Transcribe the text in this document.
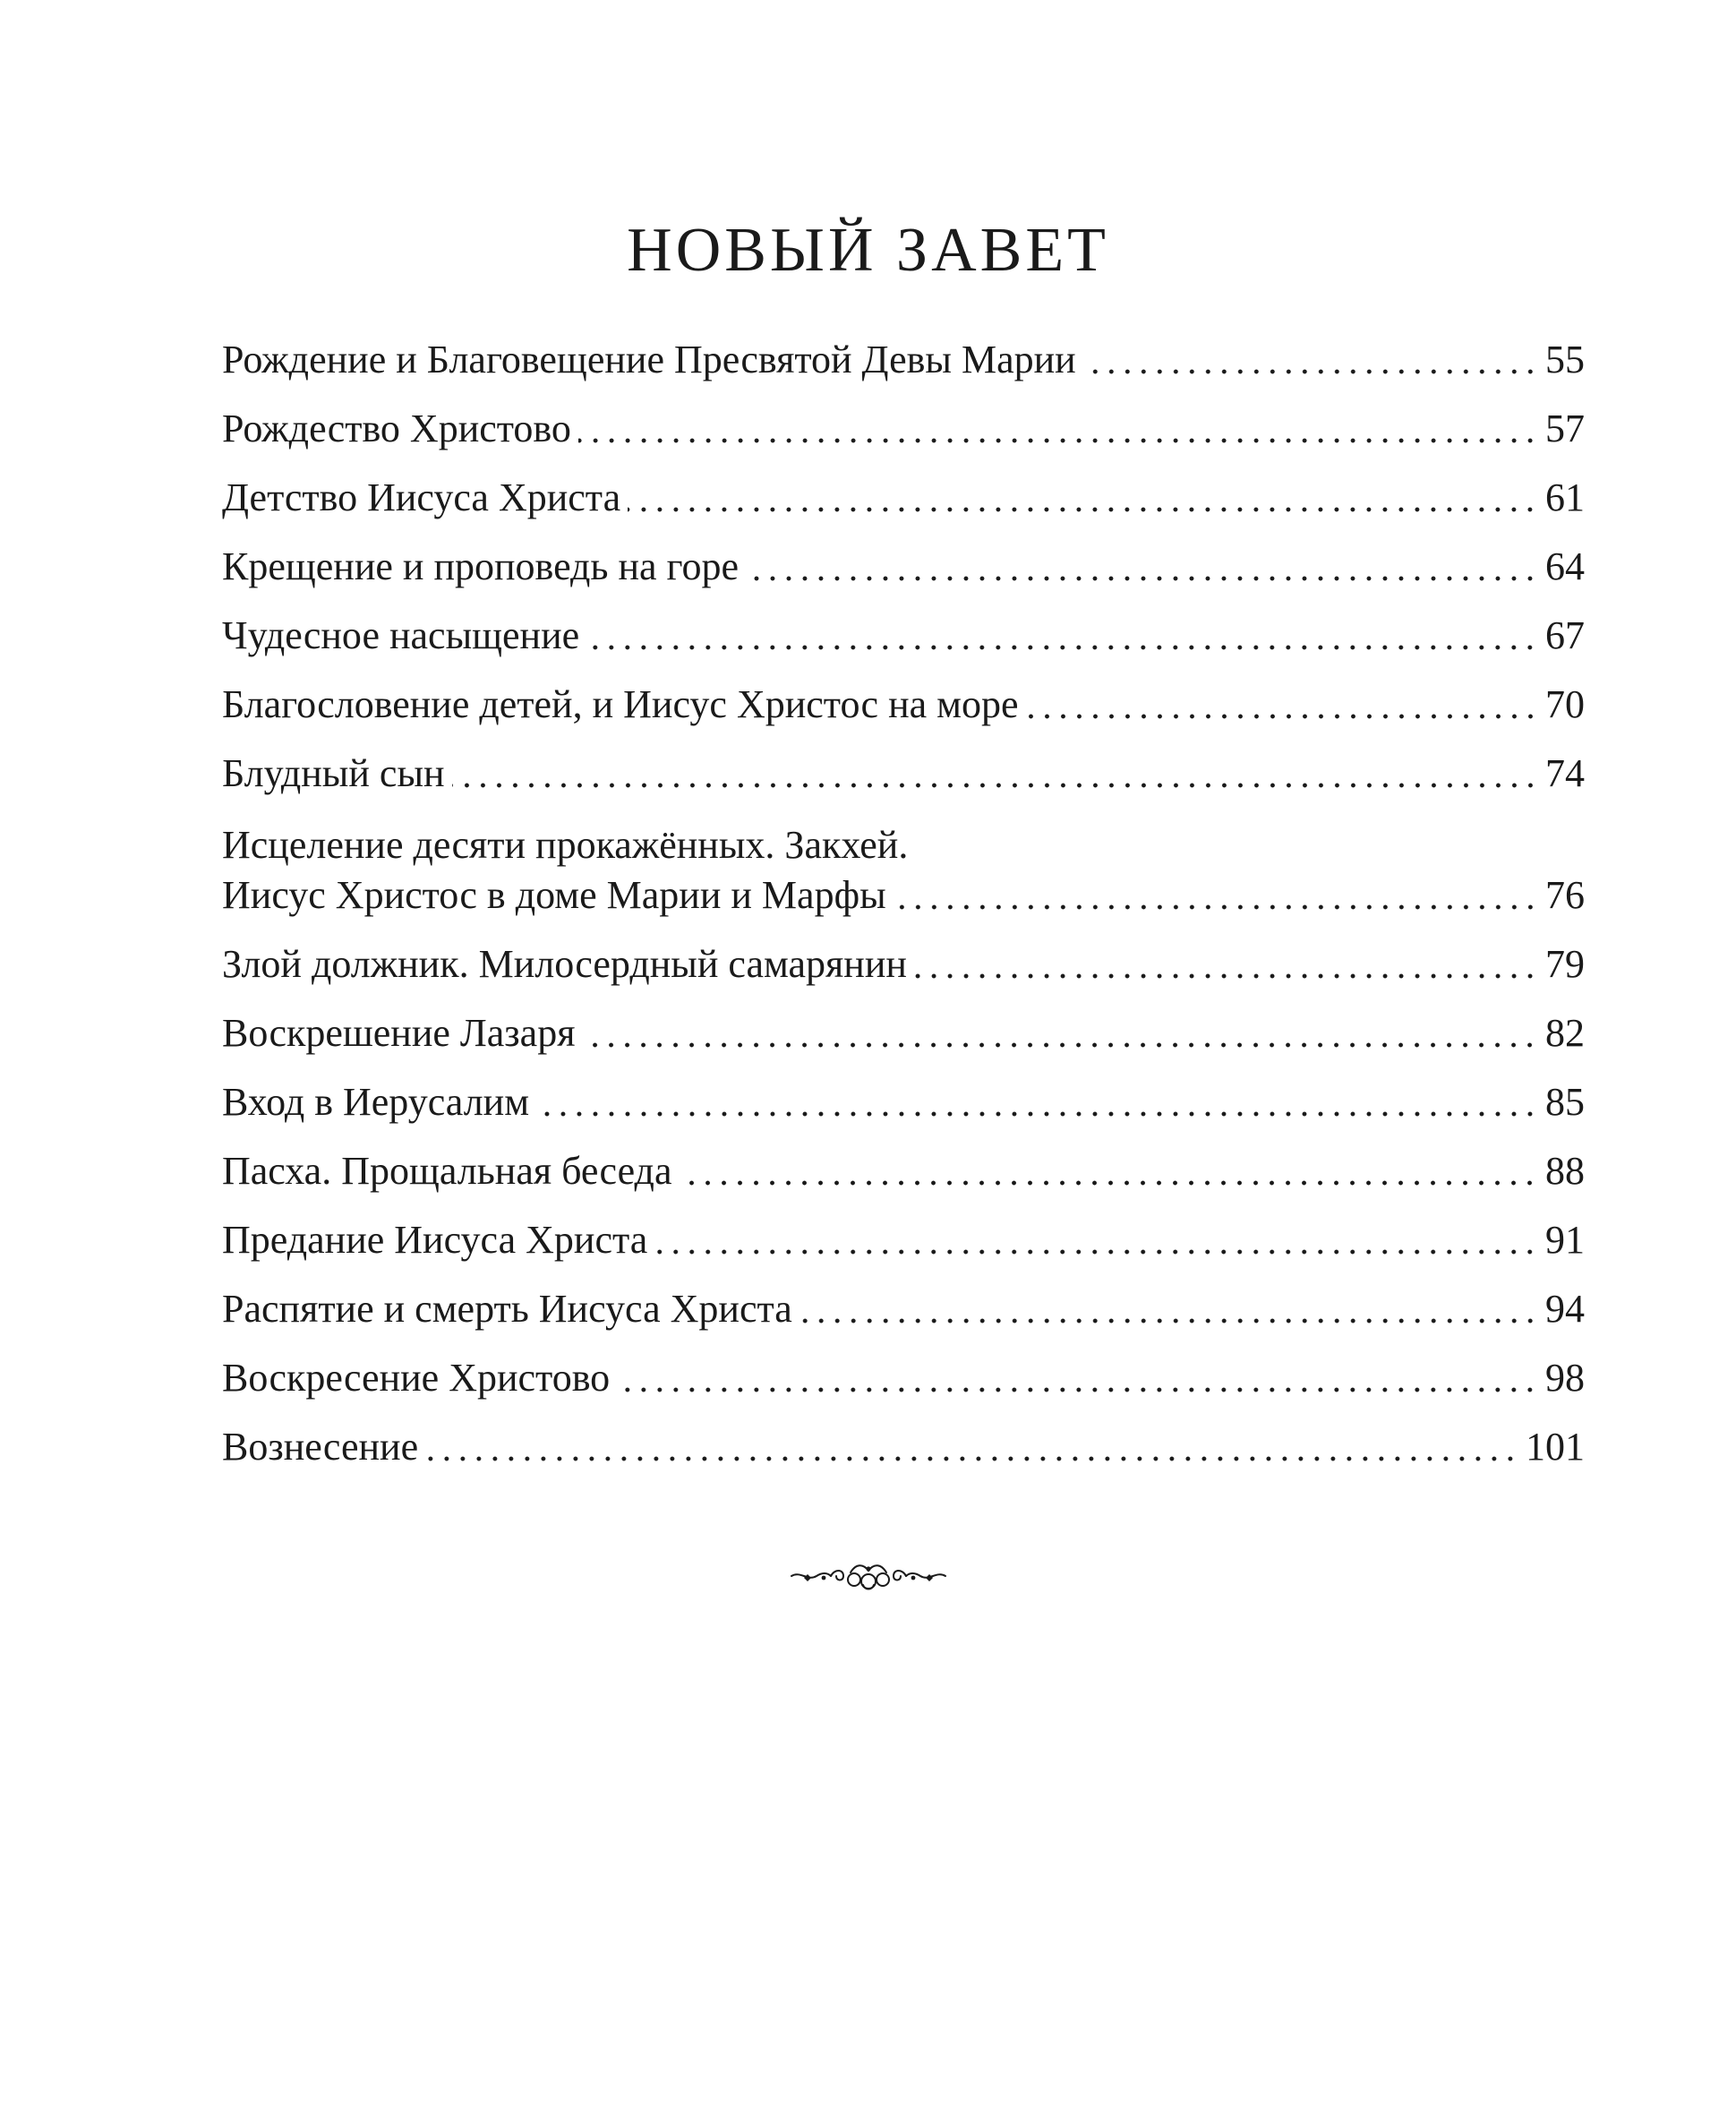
НОВЫЙ ЗАВЕТ
Рождение и Благовещение Пресвятой Девы Марии	55
Рождество Христово	57
Детство Иисуса Христа	61
Крещение и проповедь на горе	64
Чудесное насыщение	67
Благословение детей, и Иисус Христос на море	70
Блудный сын	74
Исцеление десяти прокажённых. Закхей.
Иисус Христос в доме Марии и Марфы	76
Злой должник. Милосердный самарянин	79
Воскрешение Лазаря	82
Вход в Иерусалим	85
Пасха. Прощальная беседа	88
Предание Иисуса Христа	91
Распятие и смерть Иисуса Христа	94
Воскресение Христово	98
Вознесение	101
